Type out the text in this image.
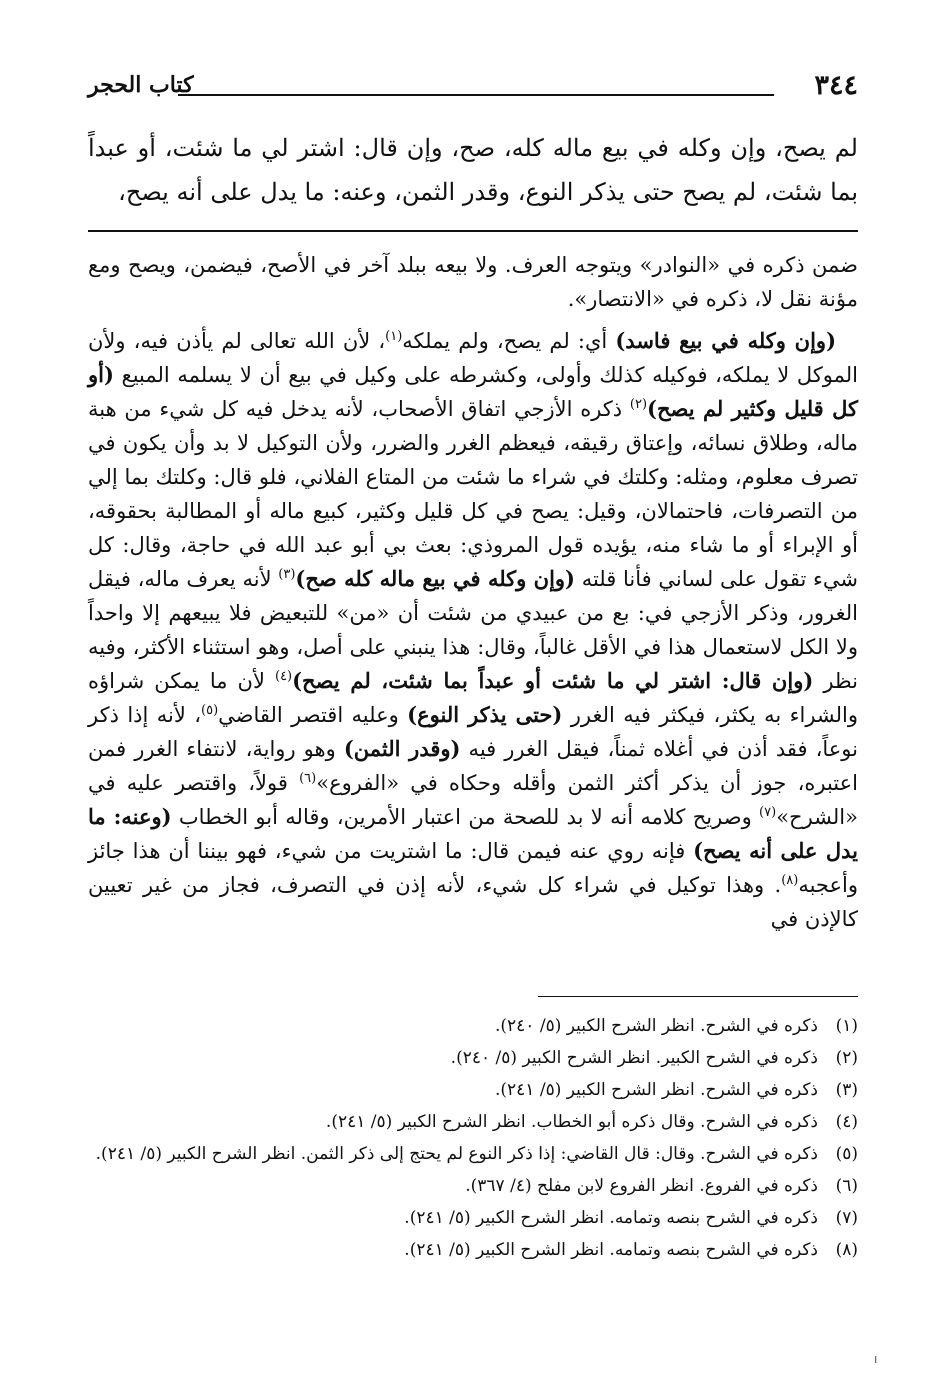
٣٤٤
كتاب الحجر
لم يصح، وإن وكله في بيع ماله كله، صح، وإن قال: اشتر لي ما شئت، أو عبداً بما شئت، لم يصح حتى يذكر النوع، وقدر الثمن، وعنه: ما يدل على أنه يصح،

ضمن ذكره في «النوادر» ويتوجه العرف. ولا بيعه ببلد آخر في الأصح، فيضمن، ويصح ومع مؤنة نقل لا، ذكره في «الانتصار».

(وإن وكله في بيع فاسد) أي: لم يصح، ولم يملكه$^{(١)}$، لأن الله تعالى لم يأذن فيه، ولأن الموكل لا يملكه، فوكيله كذلك وأولى، وكشرطه على وكيل في بيع أن لا يسلمه المبيع (أو كل قليل وكثير لم يصح)$^{(٢)}$ ذكره الأزجي اتفاق الأصحاب، لأنه يدخل فيه كل شيء من هبة ماله، وطلاق نسائه، وإعتاق رقيقه، فيعظم الغرر والضرر، ولأن التوكيل لا بد وأن يكون في تصرف معلوم، ومثله: وكلتك في شراء ما شئت من المتاع الفلاني، فلو قال: وكلتك بما إلي من التصرفات، فاحتمالان، وقيل: يصح في كل قليل وكثير، كبيع ماله أو المطالبة بحقوقه، أو الإبراء أو ما شاء منه، يؤيده قول المروذي: بعث بي أبو عبد الله في حاجة، وقال: كل شيء تقول على لساني فأنا قلته (وإن وكله في بيع ماله كله صح)$^{(٣)}$ لأنه يعرف ماله، فيقل الغرور، وذكر الأزجي في: بع من عبيدي من شئت أن «من» للتبعيض فلا يبيعهم إلا واحداً ولا الكل لاستعمال هذا في الأقل غالباً، وقال: هذا ينبني على أصل، وهو استثناء الأكثر، وفيه نظر (وإن قال: اشتر لي ما شئت أو عبداً بما شئت، لم يصح)$^{(٤)}$ لأن ما يمكن شراؤه والشراء به يكثر، فيكثر فيه الغرر (حتى يذكر النوع) وعليه اقتصر القاضي$^{(٥)}$، لأنه إذا ذكر نوعاً، فقد أذن في أغلاه ثمناً، فيقل الغرر فيه (وقدر الثمن) وهو رواية، لانتفاء الغرر فمن اعتبره، جوز أن يذكر أكثر الثمن وأقله وحكاه في «الفروع»$^{(٦)}$ قولاً، واقتصر عليه في «الشرح»$^{(٧)}$ وصريح كلامه أنه لا بد للصحة من اعتبار الأمرين، وقاله أبو الخطاب (وعنه: ما يدل على أنه يصح) فإنه روي عنه فيمن قال: ما اشتريت من شيء، فهو بيننا أن هذا جائز وأعجبه$^{(٨)}$. وهذا توكيل في شراء كل شيء، لأنه إذن في التصرف، فجاز من غير تعيين كالإذن في

(١)
ذكره في الشرح. انظر الشرح الكبير (٥/ ٢٤٠).
(٢)
ذكره في الشرح الكبير. انظر الشرح الكبير (٥/ ٢٤٠).
(٣)
ذكره في الشرح. انظر الشرح الكبير (٥/ ٢٤١).
(٤)
ذكره في الشرح. وقال ذكره أبو الخطاب. انظر الشرح الكبير (٥/ ٢٤١).
(٥)
ذكره في الشرح. وقال: قال القاضي: إذا ذكر النوع لم يحتج إلى ذكر الثمن. انظر الشرح الكبير (٥/ ٢٤١).
(٦)
ذكره في الفروع. انظر الفروع لابن مفلح (٤/ ٣٦٧).
(٧)
ذكره في الشرح بنصه وتمامه. انظر الشرح الكبير (٥/ ٢٤١).
(٨)
ذكره في الشرح بنصه وتمامه. انظر الشرح الكبير (٥/ ٢٤١).
ı
